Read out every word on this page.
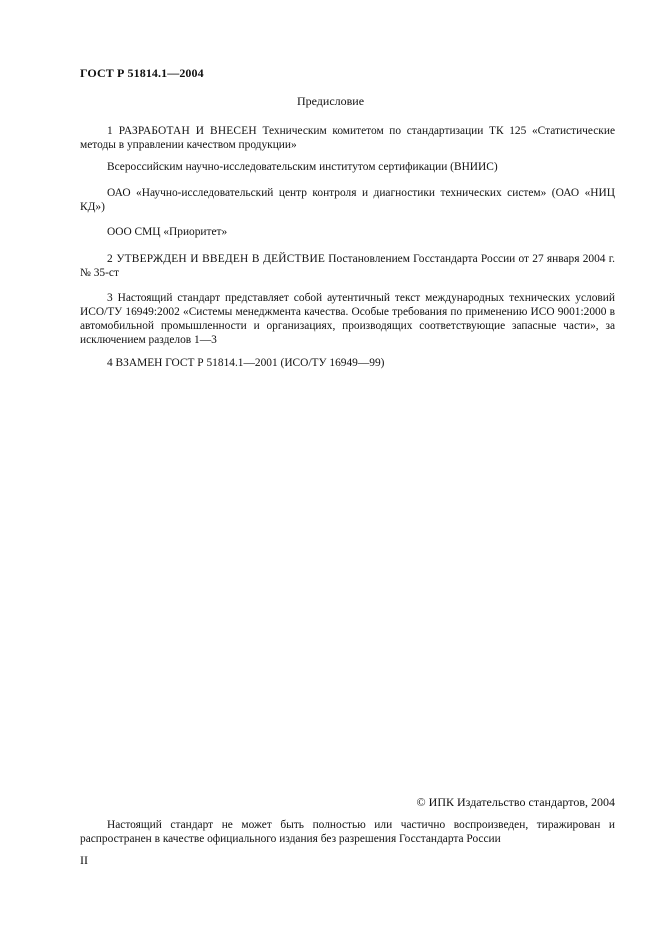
ГОСТ Р 51814.1—2004
Предисловие
1 РАЗРАБОТАН И ВНЕСЕН Техническим комитетом по стандартизации ТК 125 «Статистические методы в управлении качеством продукции»
Всероссийским научно-исследовательским институтом сертификации (ВНИИС)
ОАО «Научно-исследовательский центр контроля и диагностики технических систем» (ОАО «НИЦ КД»)
ООО СМЦ «Приоритет»
2 УТВЕРЖДЕН И ВВЕДЕН В ДЕЙСТВИЕ Постановлением Госстандарта России от 27 января 2004 г. № 35-ст
3 Настоящий стандарт представляет собой аутентичный текст международных технических условий ИСО/ТУ 16949:2002 «Системы менеджмента качества. Особые требования по применению ИСО 9001:2000 в автомобильной промышленности и организациях, производящих соответствующие запасные части», за исключением разделов 1—3
4 ВЗАМЕН ГОСТ Р 51814.1—2001 (ИСО/ТУ 16949—99)
© ИПК Издательство стандартов, 2004
Настоящий стандарт не может быть полностью или частично воспроизведен, тиражирован и распространен в качестве официального издания без разрешения Госстандарта России
II
